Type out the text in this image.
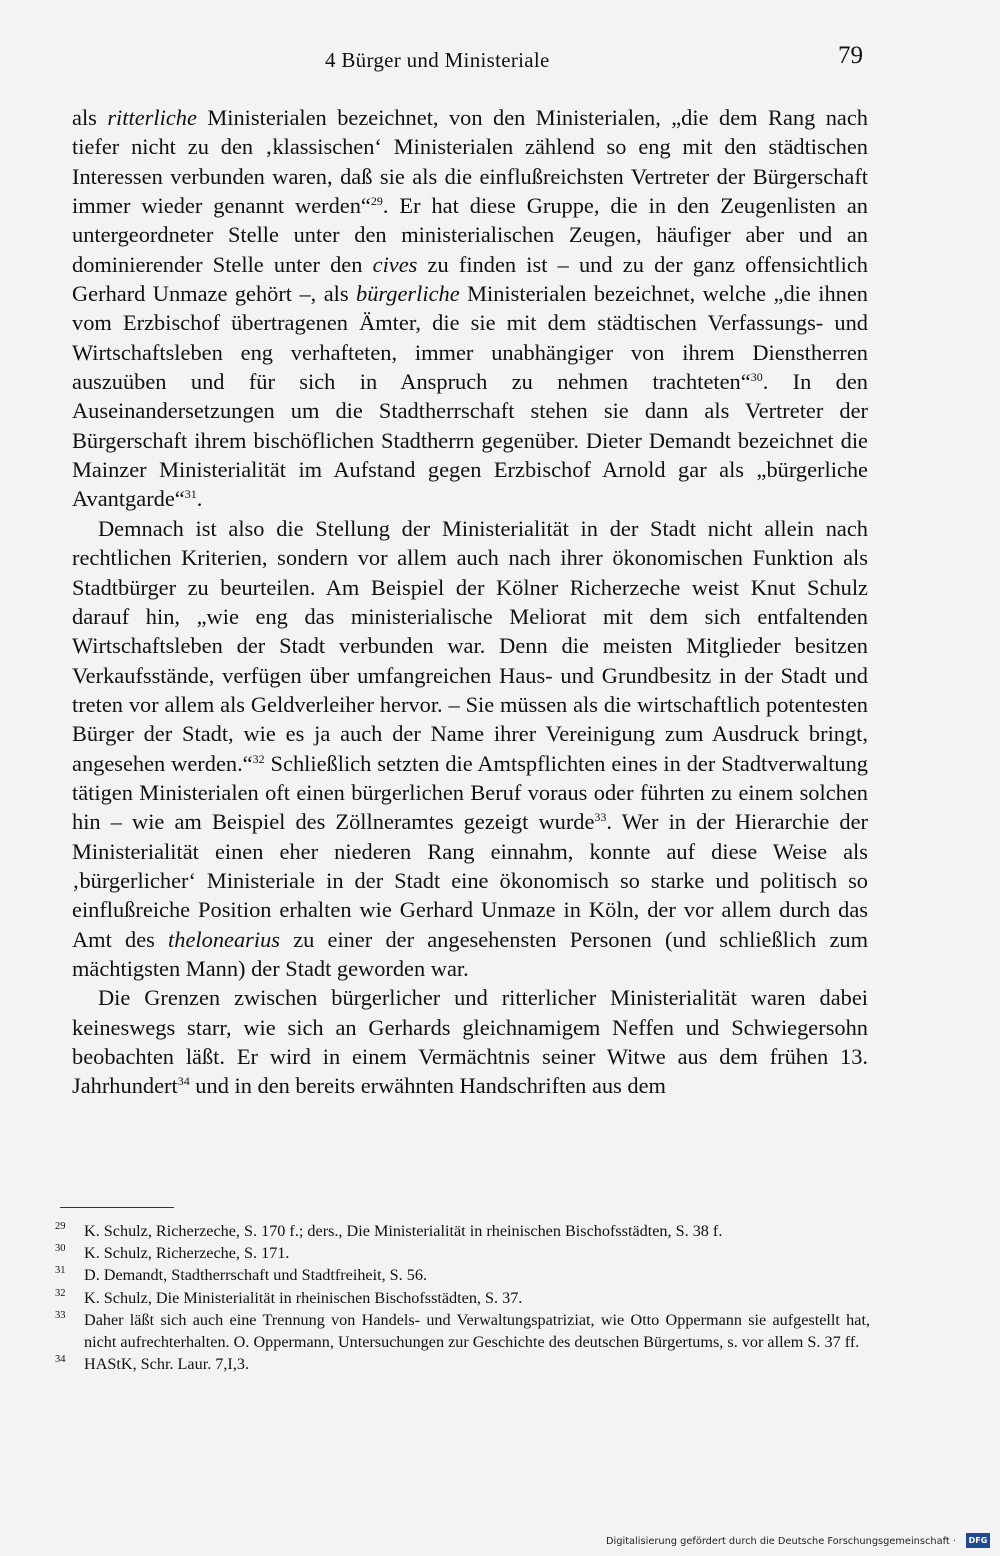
4 Bürger und Ministeriale	79

als ritterliche Ministerialen bezeichnet, von den Ministerialen, „die dem Rang nach tiefer nicht zu den ‚klassischen‘ Ministerialen zählend so eng mit den städtischen Interessen verbunden waren, daß sie als die einflußreichsten Vertreter der Bürgerschaft immer wieder genannt werden“$^{29}$. Er hat diese Gruppe, die in den Zeugenlisten an untergeordneter Stelle unter den ministerialischen Zeugen, häufiger aber und an dominierender Stelle unter den cives zu finden ist – und zu der ganz offensichtlich Gerhard Unmaze gehört –, als bürgerliche Ministerialen bezeichnet, welche „die ihnen vom Erzbischof übertragenen Ämter, die sie mit dem städtischen Verfassungs- und Wirtschaftsleben eng verhafteten, immer unabhängiger von ihrem Dienstherren auszuüben und für sich in Anspruch zu nehmen trachteten“$^{30}$. In den Auseinandersetzungen um die Stadtherrschaft stehen sie dann als Vertreter der Bürgerschaft ihrem bischöflichen Stadtherrn gegenüber. Dieter Demandt bezeichnet die Mainzer Ministerialität im Aufstand gegen Erzbischof Arnold gar als „bürgerliche Avantgarde“$^{31}$.

Demnach ist also die Stellung der Ministerialität in der Stadt nicht allein nach rechtlichen Kriterien, sondern vor allem auch nach ihrer ökonomischen Funktion als Stadtbürger zu beurteilen. Am Beispiel der Kölner Richerzeche weist Knut Schulz darauf hin, „wie eng das ministerialische Meliorat mit dem sich entfaltenden Wirtschaftsleben der Stadt verbunden war. Denn die meisten Mitglieder besitzen Verkaufsstände, verfügen über umfangreichen Haus- und Grundbesitz in der Stadt und treten vor allem als Geldverleiher hervor. – Sie müssen als die wirtschaftlich potentesten Bürger der Stadt, wie es ja auch der Name ihrer Vereinigung zum Ausdruck bringt, angesehen werden.“$^{32}$ Schließlich setzten die Amtspflichten eines in der Stadtverwaltung tätigen Ministerialen oft einen bürgerlichen Beruf voraus oder führten zu einem solchen hin – wie am Beispiel des Zöllneramtes gezeigt wurde$^{33}$. Wer in der Hierarchie der Ministerialität einen eher niederen Rang einnahm, konnte auf diese Weise als ‚bürgerlicher‘ Ministeriale in der Stadt eine ökonomisch so starke und politisch so einflußreiche Position erhalten wie Gerhard Unmaze in Köln, der vor allem durch das Amt des thelonearius zu einer der angesehensten Personen (und schließlich zum mächtigsten Mann) der Stadt geworden war.

Die Grenzen zwischen bürgerlicher und ritterlicher Ministerialität waren dabei keineswegs starr, wie sich an Gerhards gleichnamigem Neffen und Schwiegersohn beobachten läßt. Er wird in einem Vermächtnis seiner Witwe aus dem frühen 13. Jahrhundert$^{34}$ und in den bereits erwähnten Handschriften aus dem

29 K. Schulz, Richerzeche, S. 170 f.; ders., Die Ministerialität in rheinischen Bischofsstädten, S. 38 f.
30 K. Schulz, Richerzeche, S. 171.
31 D. Demandt, Stadtherrschaft und Stadtfreiheit, S. 56.
32 K. Schulz, Die Ministerialität in rheinischen Bischofsstädten, S. 37.
33 Daher läßt sich auch eine Trennung von Handels- und Verwaltungspatriziat, wie Otto Oppermann sie aufgestellt hat, nicht aufrechterhalten. O. Oppermann, Untersuchungen zur Geschichte des deutschen Bürgertums, s. vor allem S. 37 ff.
34 HAStK, Schr. Laur. 7,I,3.
Digitalisierung gefördert durch die Deutsche Forschungsgemeinschaft ·	DFG
